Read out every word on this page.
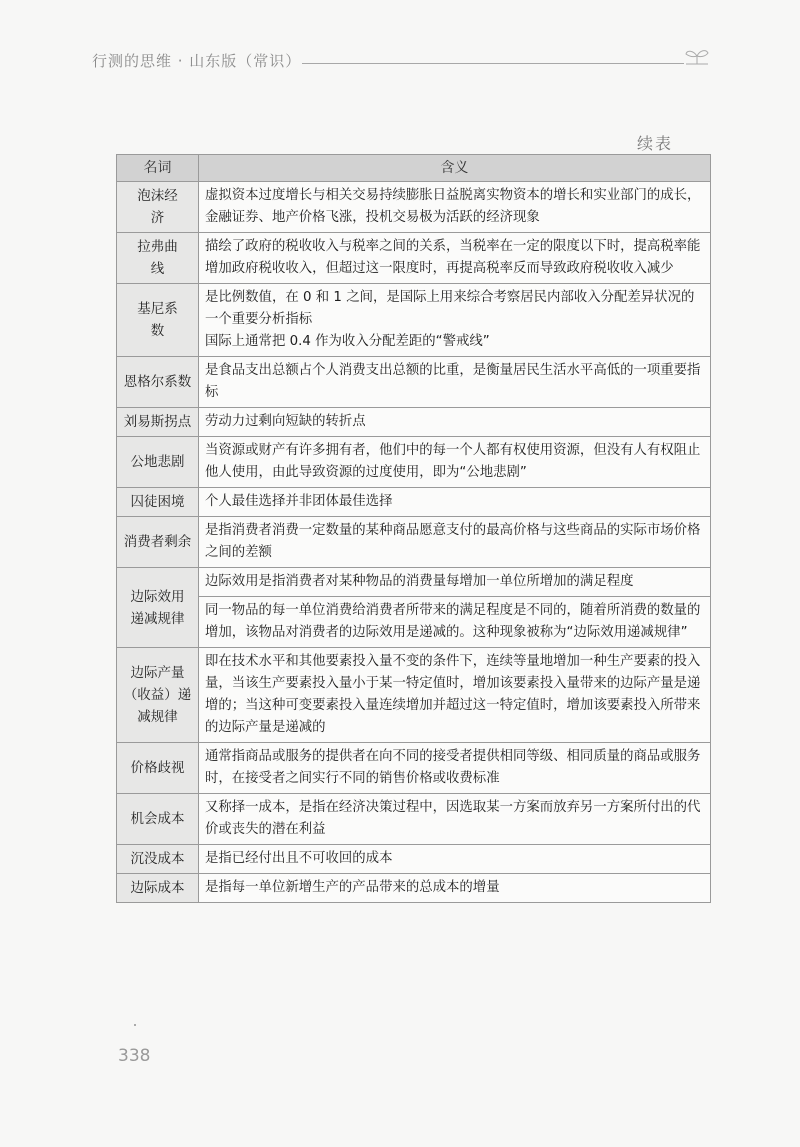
行测的思维 · 山东版（常识）
续表
名词	含义
泡沫经济	虚拟资本过度增长与相关交易持续膨胀日益脱离实物资本的增长和实业部门的成长，金融证券、地产价格飞涨，投机交易极为活跃的经济现象
拉弗曲线	描绘了政府的税收收入与税率之间的关系，当税率在一定的限度以下时，提高税率能增加政府税收收入，但超过这一限度时，再提高税率反而导致政府税收收入减少
基尼系数	是比例数值，在 0 和 1 之间，是国际上用来综合考察居民内部收入分配差异状况的一个重要分析指标
国际上通常把 0.4 作为收入分配差距的“警戒线”

恩格尔系数	是食品支出总额占个人消费支出总额的比重，是衡量居民生活水平高低的一项重要指标
刘易斯拐点	劳动力过剩向短缺的转折点
公地悲剧	当资源或财产有许多拥有者，他们中的每一个人都有权使用资源，但没有人有权阻止他人使用，由此导致资源的过度使用，即为“公地悲剧”
囚徒困境	个人最佳选择并非团体最佳选择
消费者剩余	是指消费者消费一定数量的某种商品愿意支付的最高价格与这些商品的实际市场价格之间的差额
边际效用递减规律	边际效用是指消费者对某种物品的消费量每增加一单位所增加的满足程度
	同一物品的每一单位消费给消费者所带来的满足程度是不同的，随着所消费的数量的增加，该物品对消费者的边际效用是递减的。这种现象被称为“边际效用递减规律”
边际产量（收益）递减规律	即在技术水平和其他要素投入量不变的条件下，连续等量地增加一种生产要素的投入量，当该生产要素投入量小于某一特定值时，增加该要素投入量带来的边际产量是递增的；当这种可变要素投入量连续增加并超过这一特定值时，增加该要素投入所带来的边际产量是递减的
价格歧视	通常指商品或服务的提供者在向不同的接受者提供相同等级、相同质量的商品或服务时，在接受者之间实行不同的销售价格或收费标准
机会成本	又称择一成本，是指在经济决策过程中，因选取某一方案而放弃另一方案所付出的代价或丧失的潜在利益
沉没成本	是指已经付出且不可收回的成本
边际成本	是指每一单位新增生产的产品带来的总成本的增量
338
